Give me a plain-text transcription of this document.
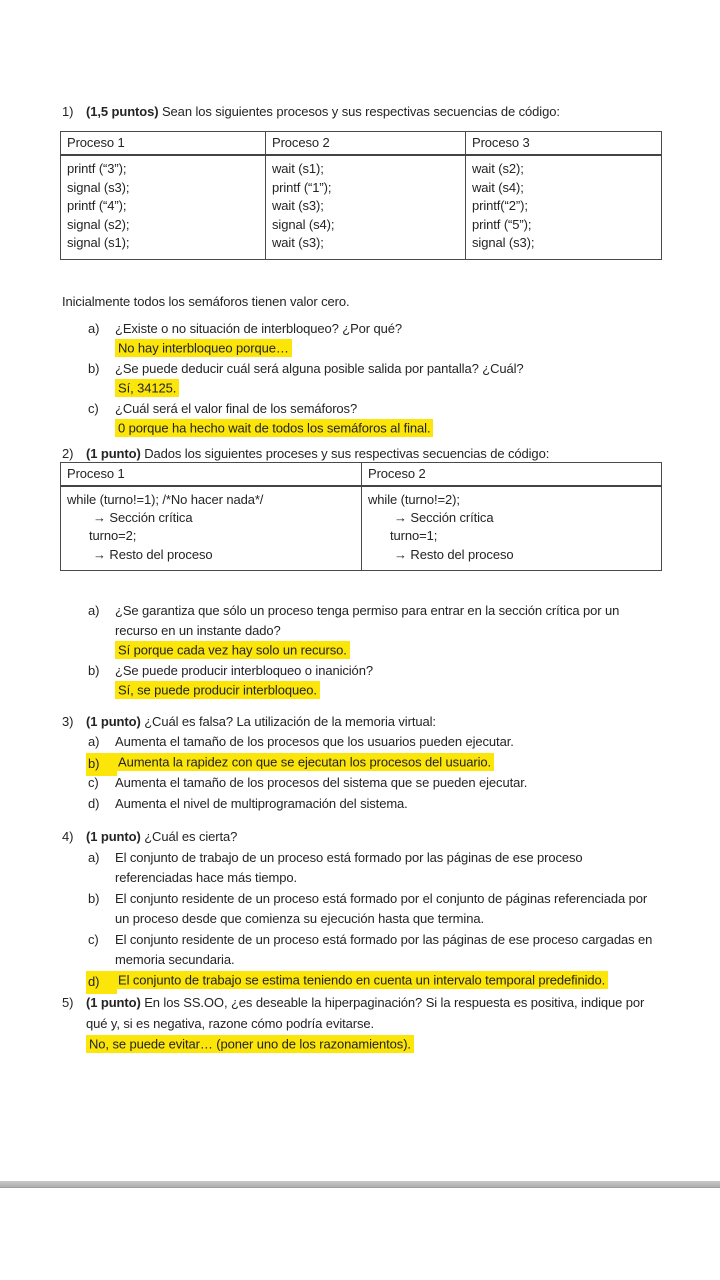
1) (1,5 puntos) Sean los siguientes procesos y sus respectivas secuencias de código:
Proceso 1	Proceso 2	Proceso 3

printf (“3”);
signal (s3);
printf (“4”);
signal (s2);
signal (s1);

wait (s1);
printf (“1”);
wait (s3);
signal (s4);
wait (s3);

wait (s2);
wait (s4);
printf(“2”);
printf (“5”);
signal (s3);
Inicialmente todos los semáforos tienen valor cero.
a) ¿Existe o no situación de interbloqueo? ¿Por qué?
No hay interbloqueo porque…
b) ¿Se puede deducir cuál será alguna posible salida por pantalla? ¿Cuál?
Sí, 34125.
c) ¿Cuál será el valor final de los semáforos?
0 porque ha hecho wait de todos los semáforos al final.
2) (1 punto) Dados los siguientes proceses y sus respectivas secuencias de código:
Proceso 1	Proceso 2

while (turno!=1); /*No hacer nada*/
→ Sección crítica
turno=2;
→ Resto del proceso

while (turno!=2);
→ Sección crítica
turno=1;
→ Resto del proceso
a) ¿Se garantiza que sólo un proceso tenga permiso para entrar en la sección crítica por un recurso en un instante dado?
Sí porque cada vez hay solo un recurso.
b) ¿Se puede producir interbloqueo o inanición?
Sí, se puede producir interbloqueo.
3) (1 punto) ¿Cuál es falsa? La utilización de la memoria virtual:
a) Aumenta el tamaño de los procesos que los usuarios pueden ejecutar.
b)	Aumenta la rapidez con que se ejecutan los procesos del usuario.
c) Aumenta el tamaño de los procesos del sistema que se pueden ejecutar.
d) Aumenta el nivel de multiprogramación del sistema.
4) (1 punto) ¿Cuál es cierta?
a) El conjunto de trabajo de un proceso está formado por las páginas de ese proceso referenciadas hace más tiempo.
b) El conjunto residente de un proceso está formado por el conjunto de páginas referenciada por un proceso desde que comienza su ejecución hasta que termina.
c) El conjunto residente de un proceso está formado por las páginas de ese proceso cargadas en memoria secundaria.
d)	El conjunto de trabajo se estima teniendo en cuenta un intervalo temporal predefinido.
5) (1 punto) En los SS.OO, ¿es deseable la hiperpaginación? Si la respuesta es positiva, indique por qué y, si es negativa, razone cómo podría evitarse.
No, se puede evitar… (poner uno de los razonamientos).
